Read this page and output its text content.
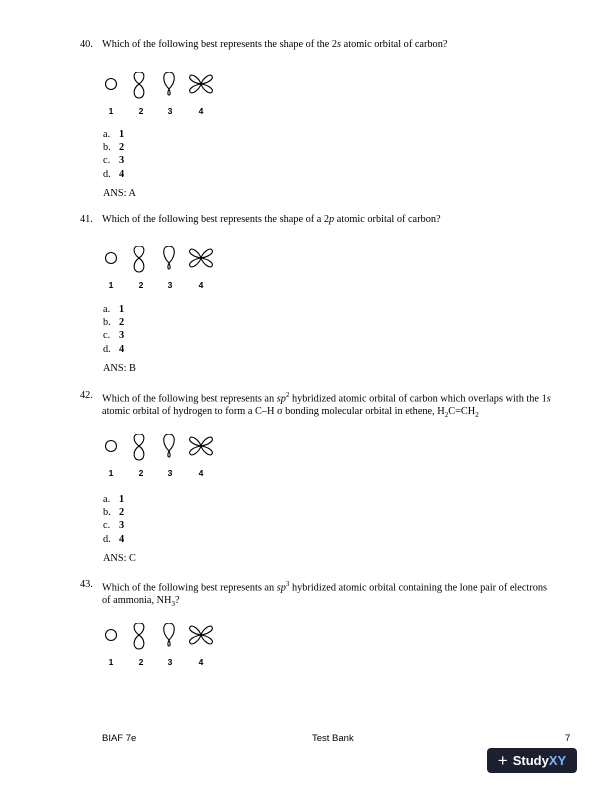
40. Which of the following best represents the shape of the 2s atomic orbital of carbon?
1	2	3	4
a. 1
b. 2
c. 3
d. 4
ANS: A
41. Which of the following best represents the shape of a 2p atomic orbital of carbon?
1	2	3	4
a. 1
b. 2
c. 3
d. 4
ANS: B
42. Which of the following best represents an $sp^2$ hybridized atomic orbital of carbon which overlaps with the 1s atomic orbital of hydrogen to form a C–H σ bonding molecular orbital in ethene, $H_2C=CH_2$
1	2	3	4
a. 1
b. 2
c. 3
d. 4
ANS: C
43. Which of the following best represents an $sp^3$ hybridized atomic orbital containing the lone pair of electrons of ammonia, $NH_3$?
1	2	3	4
BIAF 7e	Test Bank	7
+ Study XY
